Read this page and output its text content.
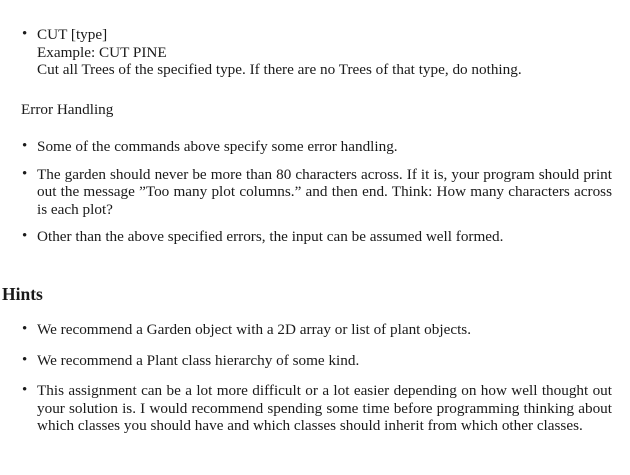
• CUT [type]
Example: CUT PINE
Cut all Trees of the specified type. If there are no Trees of that type, do nothing.
Error Handling
• Some of the commands above specify some error handling.
• The garden should never be more than 80 characters across. If it is, your program should print out the message ”Too many plot columns.” and then end. Think: How many characters across is each plot?
• Other than the above specified errors, the input can be assumed well formed.
Hints
• We recommend a Garden object with a 2D array or list of plant objects.
• We recommend a Plant class hierarchy of some kind.
• This assignment can be a lot more difficult or a lot easier depending on how well thought out your solution is. I would recommend spending some time before programming thinking about which classes you should have and which classes should inherit from which other classes.
